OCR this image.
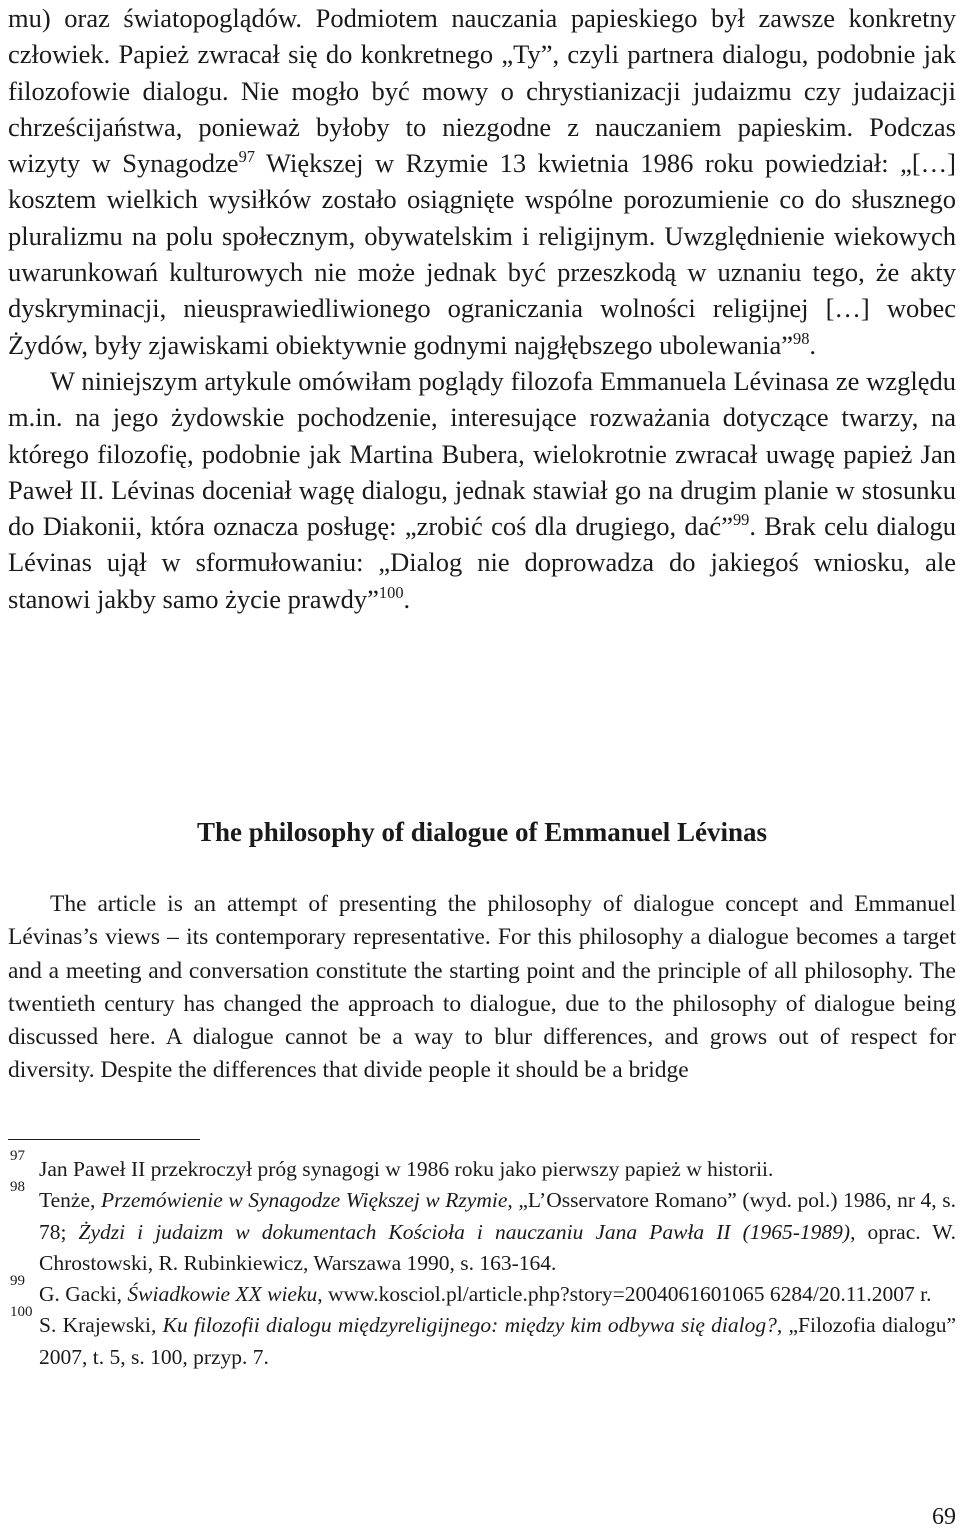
mu) oraz światopoglądów. Podmiotem nauczania papieskiego był zawsze konkretny człowiek. Papież zwracał się do konkretnego „Ty”, czyli partnera dialogu, podobnie jak filozofowie dialogu. Nie mogło być mowy o chrystianizacji judaizmu czy judaizacji chrześcijaństwa, ponieważ byłoby to niezgodne z nauczaniem papieskim. Podczas wizyty w Synagodze$^{97}$ Większej w Rzymie 13 kwietnia 1986 roku powiedział: „[…] kosztem wielkich wysiłków zostało osiągnięte wspólne porozumienie co do słusznego pluralizmu na polu społecznym, obywatelskim i religijnym. Uwzględnienie wiekowych uwarunkowań kulturowych nie może jednak być przeszkodą w uznaniu tego, że akty dyskryminacji, nieusprawiedliwionego ograniczania wolności religijnej […] wobec Żydów, były zjawiskami obiektywnie godnymi najgłębszego ubolewania”$^{98}$.

W niniejszym artykule omówiłam poglądy filozofa Emmanuela Lévinasa ze względu m.in. na jego żydowskie pochodzenie, interesujące rozważania dotyczące twarzy, na którego filozofię, podobnie jak Martina Bubera, wielokrotnie zwracał uwagę papież Jan Paweł II. Lévinas doceniał wagę dialogu, jednak stawiał go na drugim planie w stosunku do Diakonii, która oznacza posługę: „zrobić coś dla drugiego, dać”$^{99}$. Brak celu dialogu Lévinas ujął w sformułowaniu: „Dialog nie doprowadza do jakiegoś wniosku, ale stanowi jakby samo życie prawdy”$^{100}$.

The philosophy of dialogue of Emmanuel Lévinas

The article is an attempt of presenting the philosophy of dialogue concept and Emmanuel Lévinas’s views – its contemporary representative. For this philosophy a dialogue becomes a target and a meeting and conversation constitute the starting point and the principle of all philosophy. The twentieth century has changed the approach to dialogue, due to the philosophy of dialogue being discussed here. A dialogue cannot be a way to blur differences, and grows out of respect for diversity. Despite the differences that divide people it should be a bridge

97
Jan Paweł II przekroczył próg synagogi w 1986 roku jako pierwszy papież w historii.

98
Tenże, Przemówienie w Synagodze Większej w Rzymie, „L’Osservatore Romano” (wyd. pol.) 1986, nr 4, s. 78; Żydzi i judaizm w dokumentach Kościoła i nauczaniu Jana Pawła II (1965-1989), oprac. W. Chrostowski, R. Rubinkiewicz, Warszawa 1990, s. 163-164.

99
G. Gacki, Świadkowie XX wieku, www.kosciol.pl/article.php?story=2004061601065 6284/20.11.2007 r.

100
S. Krajewski, Ku filozofii dialogu międzyreligijnego: między kim odbywa się dialog?, „Filozofia dialogu” 2007, t. 5, s. 100, przyp. 7.

69
